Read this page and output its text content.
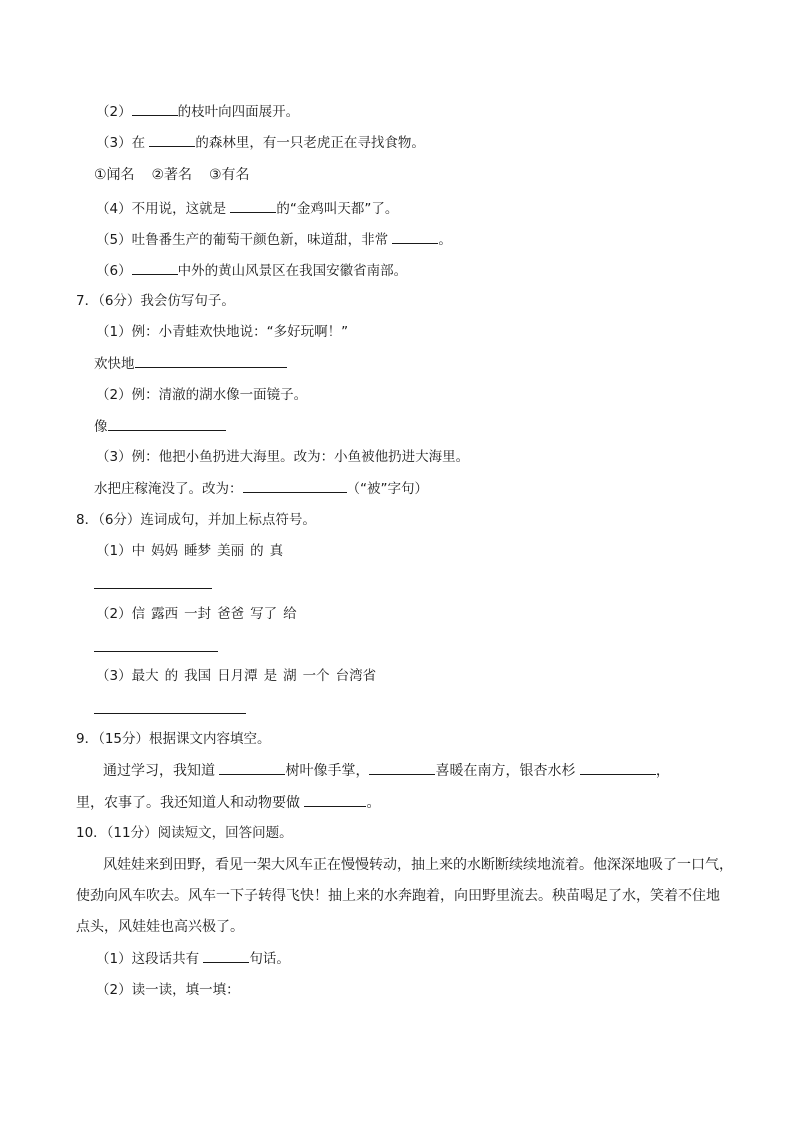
（2）	的枝叶向四面展开。
（3）在	的森林里，有一只老虎正在寻找食物。
①闻名 ②著名 ③有名
（4）不用说，这就是	的“金鸡叫天都”了。
（5）吐鲁番生产的葡萄干颜色新，味道甜，非常	。
（6）	中外的黄山风景区在我国安徽省南部。
7．（6分）我会仿写句子。
（1）例：小青蛙欢快地说：“多好玩啊！”
欢快地
（2）例：清澈的湖水像一面镜子。
像
（3）例：他把小鱼扔进大海里。改为：小鱼被他扔进大海里。
水把庄稼淹没了。改为：	（“被”字句）
8．（6分）连词成句，并加上标点符号。
（1）中 妈妈 睡梦 美丽 的 真
（2）信 露西 一封 爸爸 写了 给
（3）最大 的 我国 日月潭 是 湖 一个 台湾省
9．（15分）根据课文内容填空。
通过学习，我知道	树叶像手掌，	喜暖在南方，银杏水杉	，
里，农事了。我还知道人和动物要做	。
10．（11分）阅读短文，回答问题。
风娃娃来到田野，看见一架大风车正在慢慢转动，抽上来的水断断续续地流着。他深深地吸了一口气，
使劲向风车吹去。风车一下子转得飞快！抽上来的水奔跑着，向田野里流去。秧苗喝足了水，笑着不住地
点头，风娃娃也高兴极了。
（1）这段话共有	句话。
（2）读一读，填一填：
